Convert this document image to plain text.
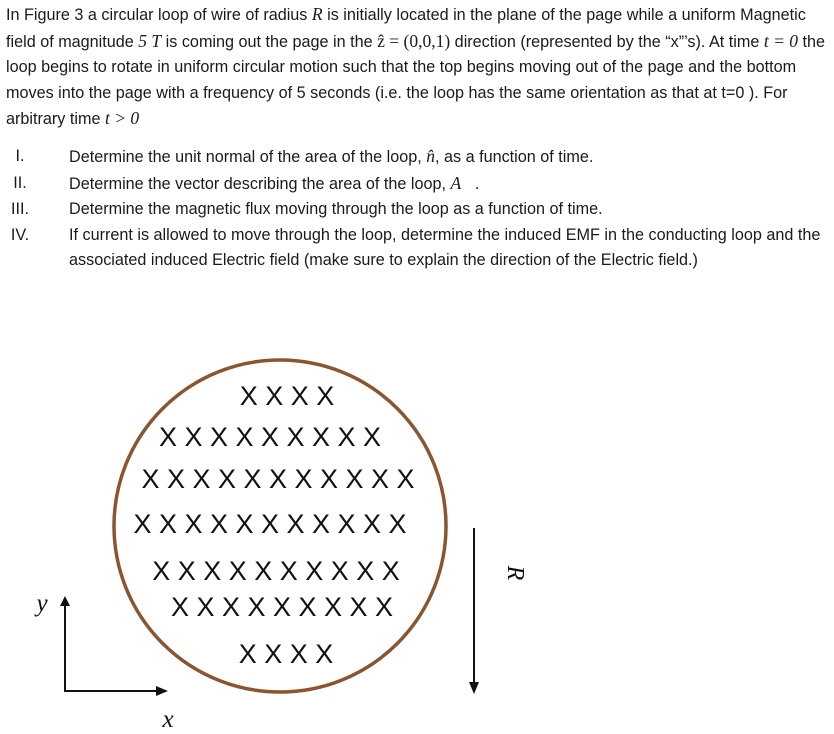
In Figure 3 a circular loop of wire of radius R is initially located in the plane of the page while a uniform Magnetic field of magnitude 5 T is coming out the page in the ẑ = (0,0,1) direction (represented by the “x”’s). At time t = 0 the loop begins to rotate in uniform circular motion such that the top begins moving out of the page and the bottom moves into the page with a frequency of 5 seconds (i.e. the loop has the same orientation as that at t=0 ). For arbitrary time t > 0
I.	Determine the unit normal of the area of the loop, n̂, as a function of time.
II.	Determine the vector describing the area of the loop, A⃗.
III.	Determine the magnetic flux moving through the loop as a function of time.
IV.	If current is allowed to move through the loop, determine the induced EMF in the conducting loop and the associated induced Electric field (make sure to explain the direction of the Electric field.)
X X X X
X X X X X X X X X
X X X X X X X X X X X
X X X X X X X X X X X
X X X X X X X X X X
X X X X X X X X X
X X X X
R
y
x
